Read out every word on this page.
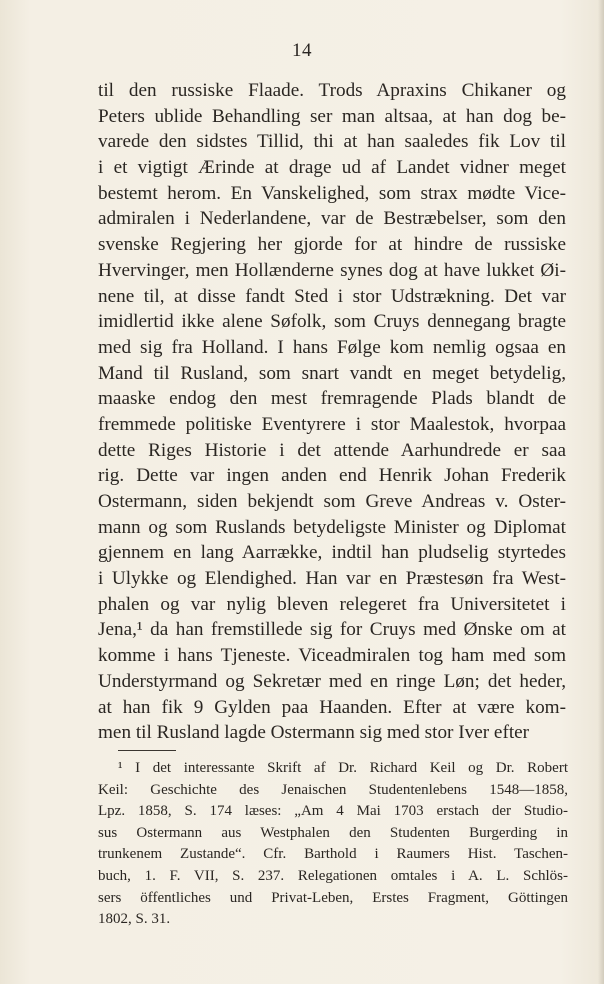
14
til den russiske Flaade. Trods Apraxins Chikaner og
Peters ublide Behandling ser man altsaa, at han dog be-
varede den sidstes Tillid, thi at han saaledes fik Lov til
i et vigtigt Ærinde at drage ud af Landet vidner meget
bestemt herom. En Vanskelighed, som strax mødte Vice-
admiralen i Nederlandene, var de Bestræbelser, som den
svenske Regjering her gjorde for at hindre de russiske
Hvervinger, men Hollænderne synes dog at have lukket Øi-
nene til, at disse fandt Sted i stor Udstrækning. Det var
imidlertid ikke alene Søfolk, som Cruys dennegang bragte
med sig fra Holland. I hans Følge kom nemlig ogsaa en
Mand til Rusland, som snart vandt en meget betydelig,
maaske endog den mest fremragende Plads blandt de
fremmede politiske Eventyrere i stor Maalestok, hvorpaa
dette Riges Historie i det attende Aarhundrede er saa
rig. Dette var ingen anden end Henrik Johan Frederik
Ostermann, siden bekjendt som Greve Andreas v. Oster-
mann og som Ruslands betydeligste Minister og Diplomat
gjennem en lang Aarrække, indtil han pludselig styrtedes
i Ulykke og Elendighed. Han var en Præstesøn fra West-
phalen og var nylig bleven relegeret fra Universitetet i
Jena,¹ da han fremstillede sig for Cruys med Ønske om at
komme i hans Tjeneste. Viceadmiralen tog ham med som
Understyrmand og Sekretær med en ringe Løn; det heder,
at han fik 9 Gylden paa Haanden. Efter at være kom-
men til Rusland lagde Ostermann sig med stor Iver efter
¹ I det interessante Skrift af Dr. Richard Keil og Dr. Robert
Keil: Geschichte des Jenaischen Studentenlebens 1548—1858,
Lpz. 1858, S. 174 læses: „Am 4 Mai 1703 erstach der Studio-
sus Ostermann aus Westphalen den Studenten Burgerding in
trunkenem Zustande“. Cfr. Barthold i Raumers Hist. Taschen-
buch, 1. F. VII, S. 237. Relegationen omtales i A. L. Schlös-
sers öffentliches und Privat-Leben, Erstes Fragment, Göttingen
1802, S. 31.
